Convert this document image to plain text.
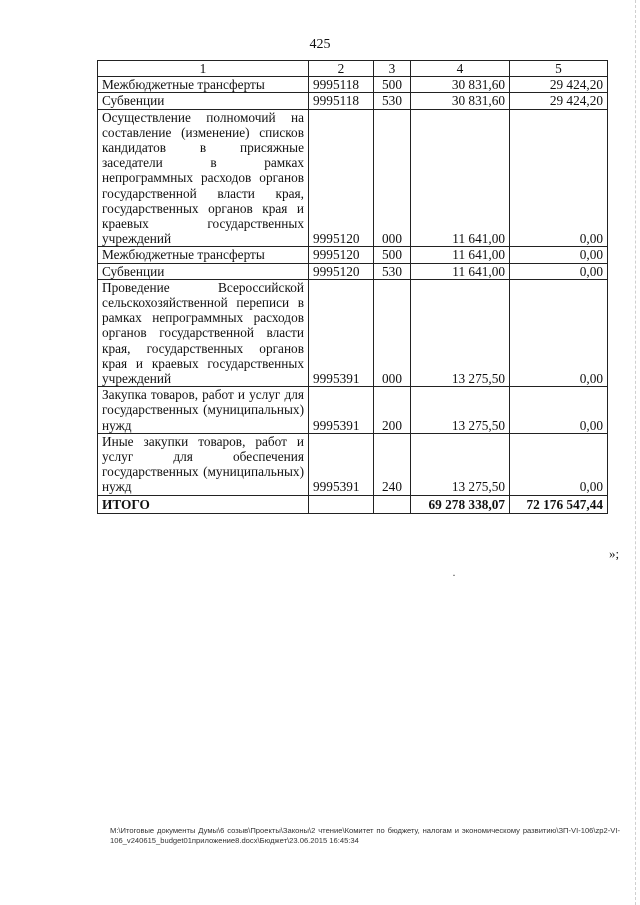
425
1	2	3	4	5
Межбюджетные трансферты	9995118	500	30 831,60	29 424,20
Субвенции	9995118	530	30 831,60	29 424,20
Осуществление полномочий на составление (изменение) списков кандидатов в присяжные заседатели в рамках непрограммных расходов органов государственной власти края, государственных органов края и краевых государственных учреждений	9995120	000	11 641,00	0,00
Межбюджетные трансферты	9995120	500	11 641,00	0,00
Субвенции	9995120	530	11 641,00	0,00
Проведение Всероссийской сельскохозяйственной переписи в рамках непрограммных расходов органов государственной власти края, государственных органов края и краевых государственных учреждений	9995391	000	13 275,50	0,00
Закупка товаров, работ и услуг для государственных (муниципальных) нужд	9995391	200	13 275,50	0,00
Иные закупки товаров, работ и услуг для обеспечения государственных (муниципальных) нужд	9995391	240	13 275,50	0,00
ИТОГО			69 278 338,07	72 176 547,44
»;
·
M:\Итоговые документы Думы\6 созыв\Проекты\Законы\2 чтение\Комитет по бюджету, налогам и экономическому развитию\ЗП-VI-106\zp2-VI-
106_v240615_budget01приложение8.docx\Бюджет\23.06.2015 16:45:34
